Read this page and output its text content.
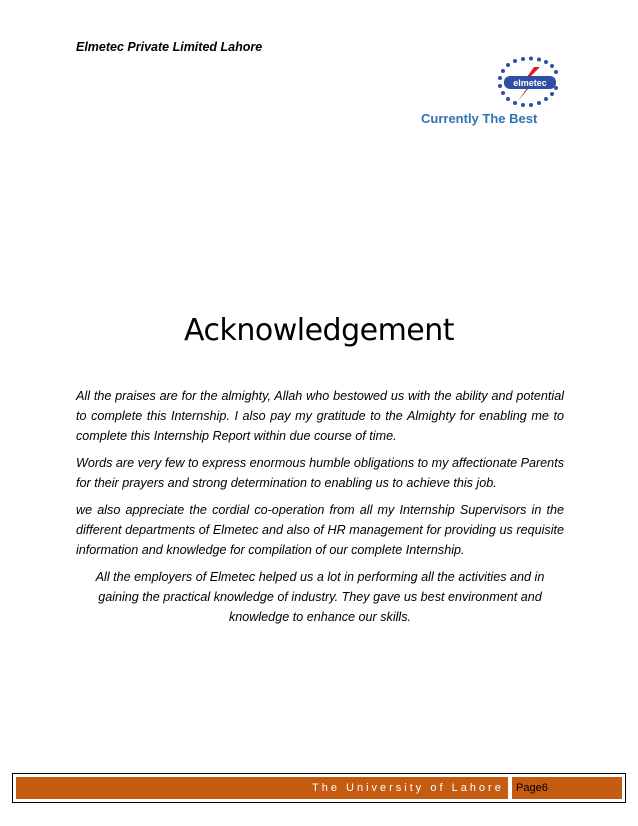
Elmetec Private Limited Lahore
elmetec
Currently The Best
Acknowledgement

All the praises are for the almighty, Allah who bestowed us with the ability and potential to complete this Internship. I also pay my gratitude to the Almighty for enabling me to complete this Internship Report within due course of time.

Words are very few to express enormous humble obligations to my affectionate Parents for their prayers and strong determination to enabling us to achieve this job.

we also appreciate the cordial co-operation from all my Internship Supervisors in the different departments of Elmetec and also of HR management for providing us requisite information and knowledge for compilation of our complete Internship.

All the employers of Elmetec helped us a lot in performing all the activities and in gaining the practical knowledge of industry. They gave us best environment and knowledge to enhance our skills.

The University of Lahore Page6
